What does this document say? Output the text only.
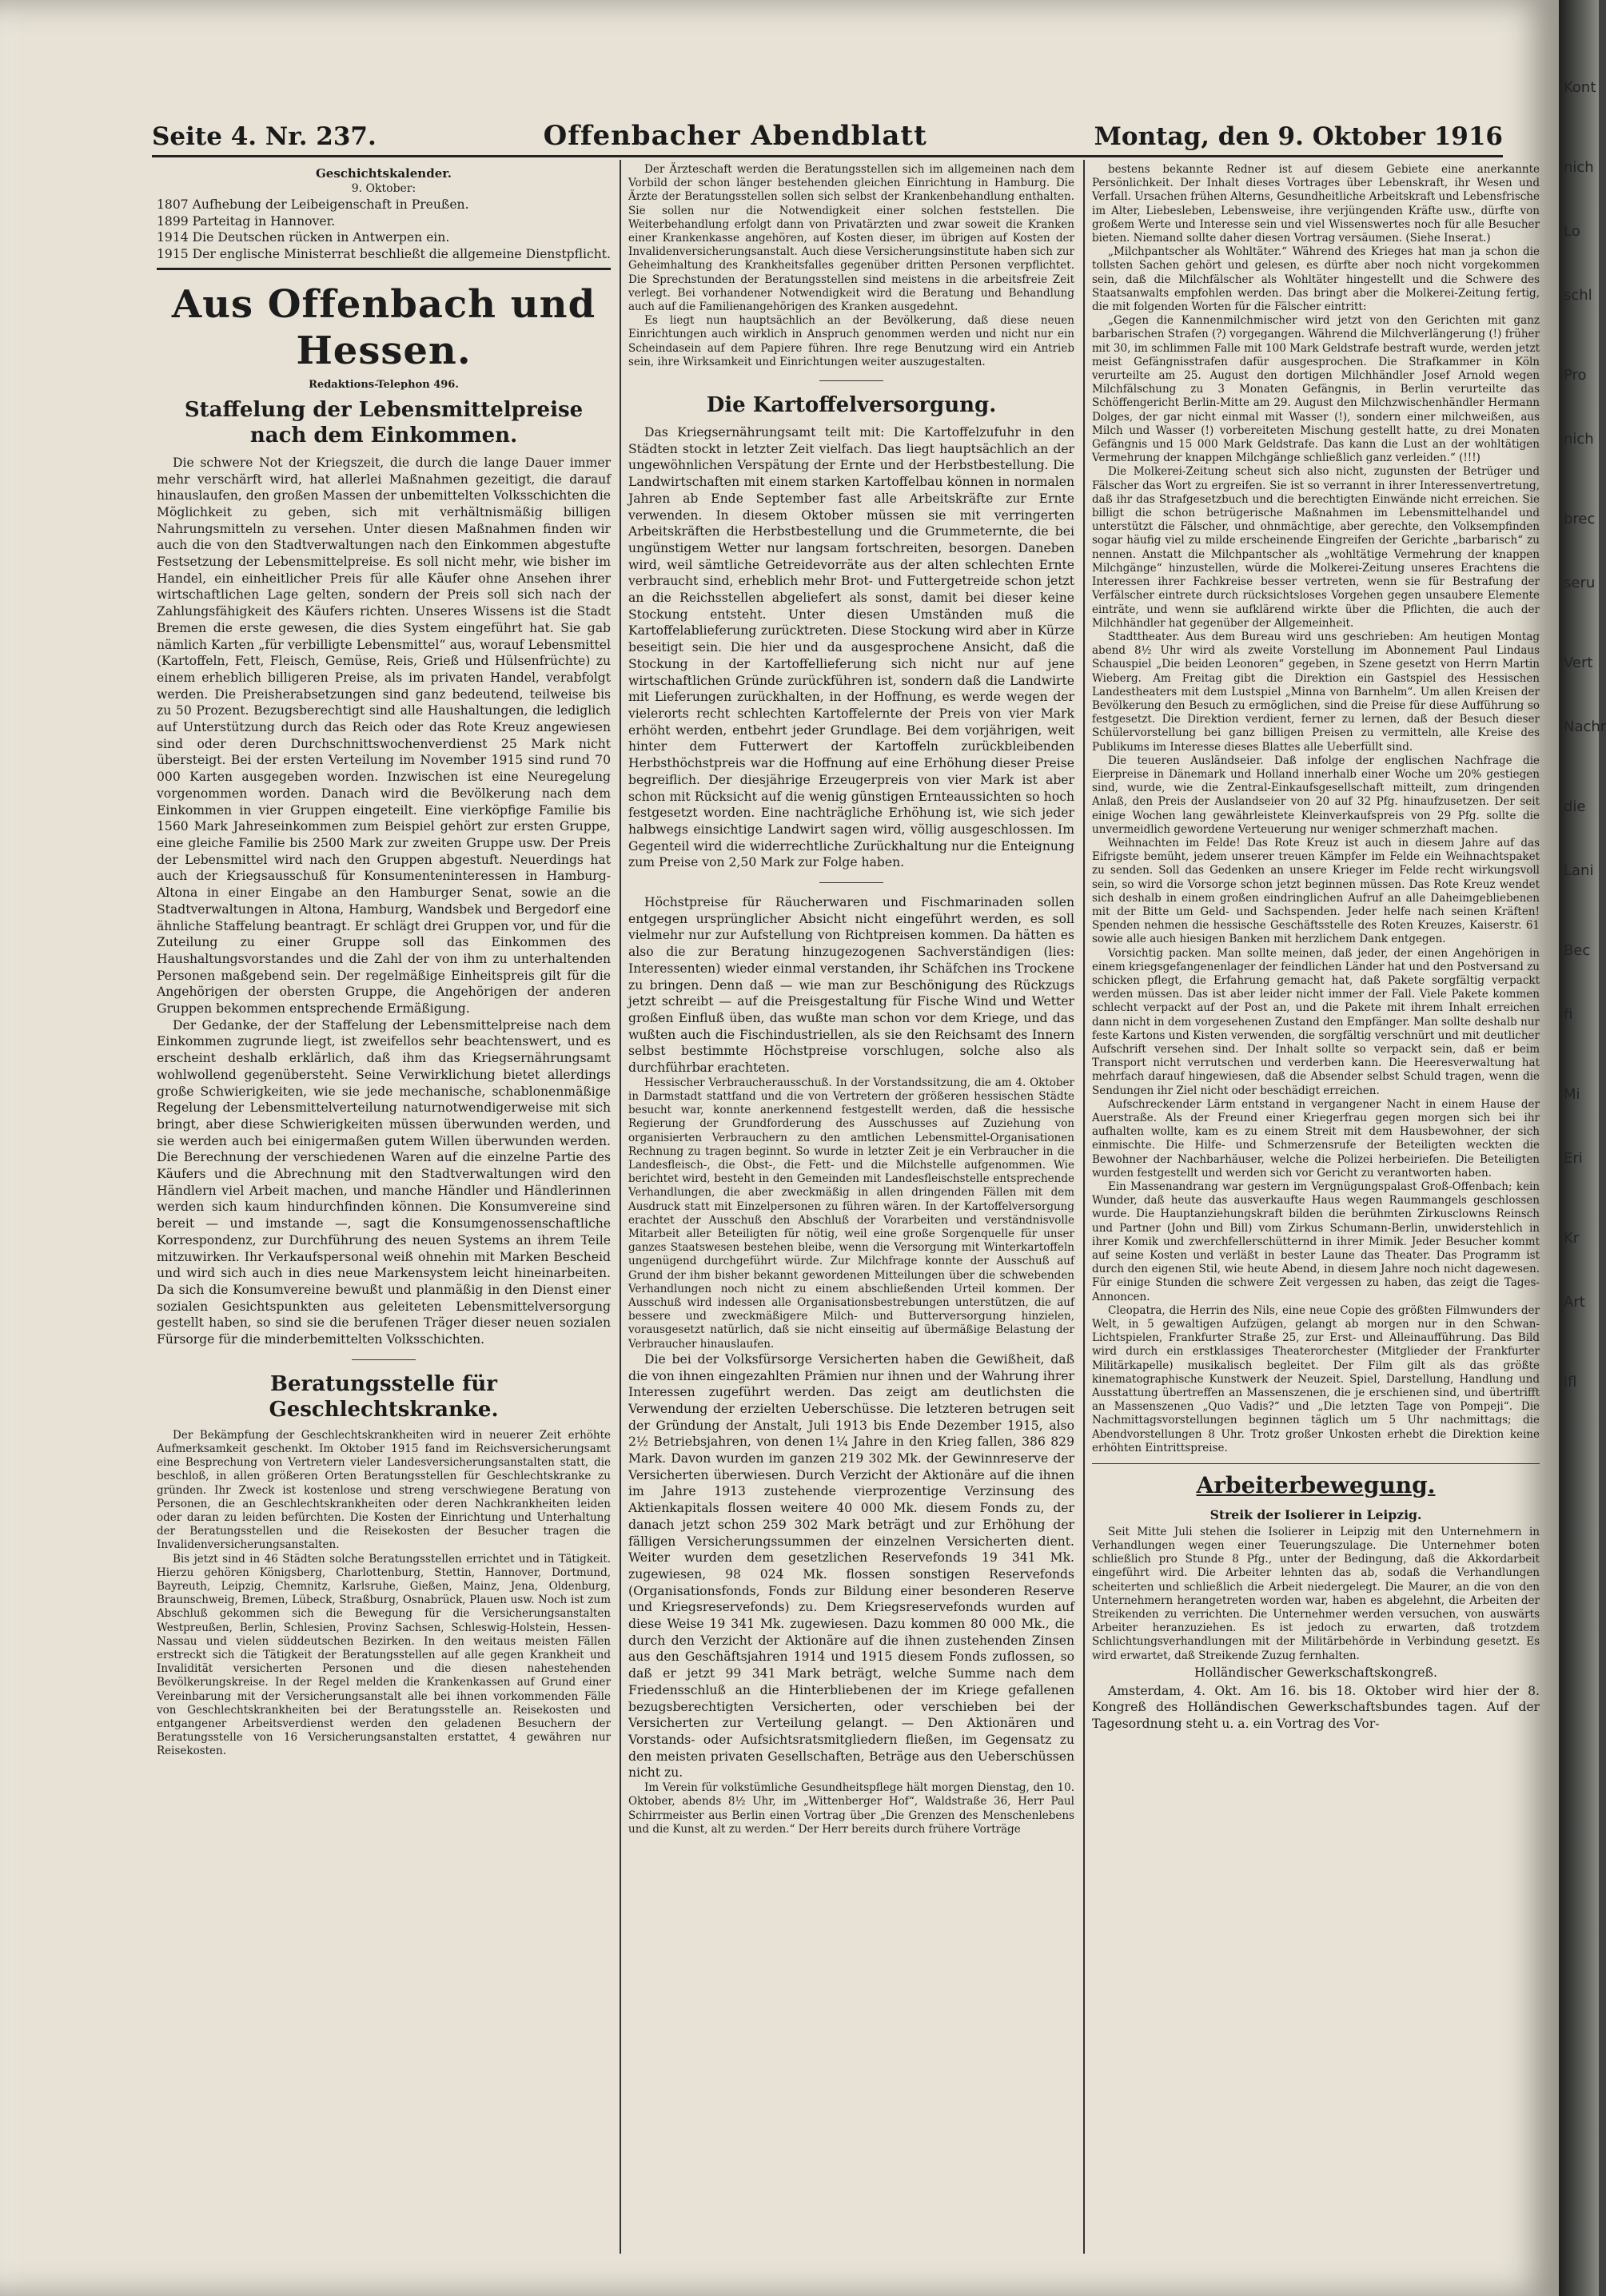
Seite 4. Nr. 237.	Offenbacher Abendblatt	Montag, den 9. Oktober 1916
Geschichtskalender.
9. Oktober:

1807 Aufhebung der Leibeigenschaft in Preußen.

1899 Parteitag in Hannover.

1914 Die Deutschen rücken in Antwerpen ein.

1915 Der englische Ministerrat beschließt die allgemeine Dienstpflicht.

Aus Offenbach und Hessen.
Redaktions-Telephon 496.
Staffelung der Lebensmittelpreise nach dem Einkommen.

Die schwere Not der Kriegszeit, die durch die lange Dauer immer mehr verschärft wird, hat allerlei Maßnahmen gezeitigt, die darauf hinauslaufen, den großen Massen der unbemittelten Volksschichten die Möglichkeit zu geben, sich mit verhältnismäßig billigen Nahrungsmitteln zu versehen. Unter diesen Maßnahmen finden wir auch die von den Stadtverwaltungen nach den Einkommen abgestufte Festsetzung der Lebensmittelpreise. Es soll nicht mehr, wie bisher im Handel, ein einheitlicher Preis für alle Käufer ohne Ansehen ihrer wirtschaftlichen Lage gelten, sondern der Preis soll sich nach der Zahlungsfähigkeit des Käufers richten. Unseres Wissens ist die Stadt Bremen die erste gewesen, die dies System eingeführt hat. Sie gab nämlich Karten „für verbilligte Lebensmittel“ aus, worauf Lebensmittel (Kartoffeln, Fett, Fleisch, Gemüse, Reis, Grieß und Hülsenfrüchte) zu einem erheblich billigeren Preise, als im privaten Handel, verabfolgt werden. Die Preisherabsetzungen sind ganz bedeutend, teilweise bis zu 50 Prozent. Bezugsberechtigt sind alle Haushaltungen, die lediglich auf Unterstützung durch das Reich oder das Rote Kreuz angewiesen sind oder deren Durchschnittswochenverdienst 25 Mark nicht übersteigt. Bei der ersten Verteilung im November 1915 sind rund 70 000 Karten ausgegeben worden. Inzwischen ist eine Neuregelung vorgenommen worden. Danach wird die Bevölkerung nach dem Einkommen in vier Gruppen eingeteilt. Eine vierköpfige Familie bis 1560 Mark Jahreseinkommen zum Beispiel gehört zur ersten Gruppe, eine gleiche Familie bis 2500 Mark zur zweiten Gruppe usw. Der Preis der Lebensmittel wird nach den Gruppen abgestuft. Neuerdings hat auch der Kriegsausschuß für Konsumenteninteressen in Hamburg-Altona in einer Eingabe an den Hamburger Senat, sowie an die Stadtverwaltungen in Altona, Hamburg, Wandsbek und Bergedorf eine ähnliche Staffelung beantragt. Er schlägt drei Gruppen vor, und für die Zuteilung zu einer Gruppe soll das Einkommen des Haushaltungsvorstandes und die Zahl der von ihm zu unterhaltenden Personen maßgebend sein. Der regelmäßige Einheitspreis gilt für die Angehörigen der obersten Gruppe, die Angehörigen der anderen Gruppen bekommen entsprechende Ermäßigung.

Der Gedanke, der der Staffelung der Lebensmittelpreise nach dem Einkommen zugrunde liegt, ist zweifellos sehr beachtenswert, und es erscheint deshalb erklärlich, daß ihm das Kriegsernährungsamt wohlwollend gegenübersteht. Seine Verwirklichung bietet allerdings große Schwierigkeiten, wie sie jede mechanische, schablonenmäßige Regelung der Lebensmittelverteilung naturnotwendigerweise mit sich bringt, aber diese Schwierigkeiten müssen überwunden werden, und sie werden auch bei einigermaßen gutem Willen überwunden werden. Die Berechnung der verschiedenen Waren auf die einzelne Partie des Käufers und die Abrechnung mit den Stadtverwaltungen wird den Händlern viel Arbeit machen, und manche Händler und Händlerinnen werden sich kaum hindurchfinden können. Die Konsumvereine sind bereit — und imstande —, sagt die Konsumgenossenschaftliche Korrespondenz, zur Durchführung des neuen Systems an ihrem Teile mitzuwirken. Ihr Verkaufspersonal weiß ohnehin mit Marken Bescheid und wird sich auch in dies neue Markensystem leicht hineinarbeiten. Da sich die Konsumvereine bewußt und planmäßig in den Dienst einer sozialen Gesichtspunkten aus geleiteten Lebensmittelversorgung gestellt haben, so sind sie die berufenen Träger dieser neuen sozialen Fürsorge für die minderbemittelten Volksschichten.

Beratungsstelle für Geschlechtskranke.

Der Bekämpfung der Geschlechtskrankheiten wird in neuerer Zeit erhöhte Aufmerksamkeit geschenkt. Im Oktober 1915 fand im Reichsversicherungsamt eine Besprechung von Vertretern vieler Landesversicherungsanstalten statt, die beschloß, in allen größeren Orten Beratungsstellen für Geschlechtskranke zu gründen. Ihr Zweck ist kostenlose und streng verschwiegene Beratung von Personen, die an Geschlechtskrankheiten oder deren Nachkrankheiten leiden oder daran zu leiden befürchten. Die Kosten der Einrichtung und Unterhaltung der Beratungsstellen und die Reisekosten der Besucher tragen die Invalidenversicherungsanstalten.

Bis jetzt sind in 46 Städten solche Beratungsstellen errichtet und in Tätigkeit. Hierzu gehören Königsberg, Charlottenburg, Stettin, Hannover, Dortmund, Bayreuth, Leipzig, Chemnitz, Karlsruhe, Gießen, Mainz, Jena, Oldenburg, Braunschweig, Bremen, Lübeck, Straßburg, Osnabrück, Plauen usw. Noch ist zum Abschluß gekommen sich die Bewegung für die Versicherungsanstalten Westpreußen, Berlin, Schlesien, Provinz Sachsen, Schleswig-Holstein, Hessen-Nassau und vielen süddeutschen Bezirken. In den weitaus meisten Fällen erstreckt sich die Tätigkeit der Beratungsstellen auf alle gegen Krankheit und Invalidität versicherten Personen und die diesen nahestehenden Bevölkerungskreise. In der Regel melden die Krankenkassen auf Grund einer Vereinbarung mit der Versicherungsanstalt alle bei ihnen vorkommenden Fälle von Geschlechtskrankheiten bei der Beratungsstelle an. Reisekosten und entgangener Arbeitsverdienst werden den geladenen Besuchern der Beratungsstelle von 16 Versicherungsanstalten erstattet, 4 gewähren nur Reisekosten.

Der Ärzteschaft werden die Beratungsstellen sich im allgemeinen nach dem Vorbild der schon länger bestehenden gleichen Einrichtung in Hamburg. Die Ärzte der Beratungsstellen sollen sich selbst der Krankenbehandlung enthalten. Sie sollen nur die Notwendigkeit einer solchen feststellen. Die Weiterbehandlung erfolgt dann von Privatärzten und zwar soweit die Kranken einer Krankenkasse angehören, auf Kosten dieser, im übrigen auf Kosten der Invalidenversicherungsanstalt. Auch diese Versicherungsinstitute haben sich zur Geheimhaltung des Krankheitsfalles gegenüber dritten Personen verpflichtet. Die Sprechstunden der Beratungsstellen sind meistens in die arbeitsfreie Zeit verlegt. Bei vorhandener Notwendigkeit wird die Beratung und Behandlung auch auf die Familienangehörigen des Kranken ausgedehnt.

Es liegt nun hauptsächlich an der Bevölkerung, daß diese neuen Einrichtungen auch wirklich in Anspruch genommen werden und nicht nur ein Scheindasein auf dem Papiere führen. Ihre rege Benutzung wird ein Antrieb sein, ihre Wirksamkeit und Einrichtungen weiter auszugestalten.

Die Kartoffelversorgung.

Das Kriegsernährungsamt teilt mit: Die Kartoffelzufuhr in den Städten stockt in letzter Zeit vielfach. Das liegt hauptsächlich an der ungewöhnlichen Verspätung der Ernte und der Herbstbestellung. Die Landwirtschaften mit einem starken Kartoffelbau können in normalen Jahren ab Ende September fast alle Arbeitskräfte zur Ernte verwenden. In diesem Oktober müssen sie mit verringerten Arbeitskräften die Herbstbestellung und die Grummeternte, die bei ungünstigem Wetter nur langsam fortschreiten, besorgen. Daneben wird, weil sämtliche Getreidevorräte aus der alten schlechten Ernte verbraucht sind, erheblich mehr Brot- und Futtergetreide schon jetzt an die Reichsstellen abgeliefert als sonst, damit bei dieser keine Stockung entsteht. Unter diesen Umständen muß die Kartoffelablieferung zurücktreten. Diese Stockung wird aber in Kürze beseitigt sein. Die hier und da ausgesprochene Ansicht, daß die Stockung in der Kartoffellieferung sich nicht nur auf jene wirtschaftlichen Gründe zurückführen ist, sondern daß die Landwirte mit Lieferungen zurückhalten, in der Hoffnung, es werde wegen der vielerorts recht schlechten Kartoffelernte der Preis von vier Mark erhöht werden, entbehrt jeder Grundlage. Bei dem vorjährigen, weit hinter dem Futterwert der Kartoffeln zurückbleibenden Herbsthöchstpreis war die Hoffnung auf eine Erhöhung dieser Preise begreiflich. Der diesjährige Erzeugerpreis von vier Mark ist aber schon mit Rücksicht auf die wenig günstigen Ernteaussichten so hoch festgesetzt worden. Eine nachträgliche Erhöhung ist, wie sich jeder halbwegs einsichtige Landwirt sagen wird, völlig ausgeschlossen. Im Gegenteil wird die widerrechtliche Zurückhaltung nur die Enteignung zum Preise von 2,50 Mark zur Folge haben.

Höchstpreise für Räucherwaren und Fischmarinaden sollen entgegen ursprünglicher Absicht nicht eingeführt werden, es soll vielmehr nur zur Aufstellung von Richtpreisen kommen. Da hätten es also die zur Beratung hinzugezogenen Sachverständigen (lies: Interessenten) wieder einmal verstanden, ihr Schäfchen ins Trockene zu bringen. Denn daß — wie man zur Beschönigung des Rückzugs jetzt schreibt — auf die Preisgestaltung für Fische Wind und Wetter großen Einfluß üben, das wußte man schon vor dem Kriege, und das wußten auch die Fischindustriellen, als sie den Reichsamt des Innern selbst bestimmte Höchstpreise vorschlugen, solche also als durchführbar erachteten.

Hessischer Verbraucherausschuß. In der Vorstandssitzung, die am 4. Oktober in Darmstadt stattfand und die von Vertretern der größeren hessischen Städte besucht war, konnte anerkennend festgestellt werden, daß die hessische Regierung der Grundforderung des Ausschusses auf Zuziehung von organisierten Verbrauchern zu den amtlichen Lebensmittel-Organisationen Rechnung zu tragen beginnt. So wurde in letzter Zeit je ein Verbraucher in die Landesfleisch-, die Obst-, die Fett- und die Milchstelle aufgenommen. Wie berichtet wird, besteht in den Gemeinden mit Landesfleischstelle entsprechende Verhandlungen, die aber zweckmäßig in allen dringenden Fällen mit dem Ausdruck statt mit Einzelpersonen zu führen wären. In der Kartoffelversorgung erachtet der Ausschuß den Abschluß der Vorarbeiten und verständnisvolle Mitarbeit aller Beteiligten für nötig, weil eine große Sorgenquelle für unser ganzes Staatswesen bestehen bleibe, wenn die Versorgung mit Winterkartoffeln ungenügend durchgeführt würde. Zur Milchfrage konnte der Ausschuß auf Grund der ihm bisher bekannt gewordenen Mitteilungen über die schwebenden Verhandlungen noch nicht zu einem abschließenden Urteil kommen. Der Ausschuß wird indessen alle Organisationsbestrebungen unterstützen, die auf bessere und zweckmäßigere Milch- und Butterversorgung hinzielen, vorausgesetzt natürlich, daß sie nicht einseitig auf übermäßige Belastung der Verbraucher hinauslaufen.

Die bei der Volksfürsorge Versicherten haben die Gewißheit, daß die von ihnen eingezahlten Prämien nur ihnen und der Wahrung ihrer Interessen zugeführt werden. Das zeigt am deutlichsten die Verwendung der erzielten Ueberschüsse. Die letzteren betrugen seit der Gründung der Anstalt, Juli 1913 bis Ende Dezember 1915, also 2½ Betriebsjahren, von denen 1¼ Jahre in den Krieg fallen, 386 829 Mark. Davon wurden im ganzen 219 302 Mk. der Gewinnreserve der Versicherten überwiesen. Durch Verzicht der Aktionäre auf die ihnen im Jahre 1913 zustehende vierprozentige Verzinsung des Aktienkapitals flossen weitere 40 000 Mk. diesem Fonds zu, der danach jetzt schon 259 302 Mark beträgt und zur Erhöhung der fälligen Versicherungssummen der einzelnen Versicherten dient. Weiter wurden dem gesetzlichen Reservefonds 19 341 Mk. zugewiesen, 98 024 Mk. flossen sonstigen Reservefonds (Organisationsfonds, Fonds zur Bildung einer besonderen Reserve und Kriegsreservefonds) zu. Dem Kriegsreservefonds wurden auf diese Weise 19 341 Mk. zugewiesen. Dazu kommen 80 000 Mk., die durch den Verzicht der Aktionäre auf die ihnen zustehenden Zinsen aus den Geschäftsjahren 1914 und 1915 diesem Fonds zuflossen, so daß er jetzt 99 341 Mark beträgt, welche Summe nach dem Friedensschluß an die Hinterbliebenen der im Kriege gefallenen bezugsberechtigten Versicherten, oder verschieben bei der Versicherten zur Verteilung gelangt. — Den Aktionären und Vorstands- oder Aufsichtsratsmitgliedern fließen, im Gegensatz zu den meisten privaten Gesellschaften, Beträge aus den Ueberschüssen nicht zu.

Im Verein für volkstümliche Gesundheitspflege hält morgen Dienstag, den 10. Oktober, abends 8½ Uhr, im „Wittenberger Hof“, Waldstraße 36, Herr Paul Schirrmeister aus Berlin einen Vortrag über „Die Grenzen des Menschenlebens und die Kunst, alt zu werden.“ Der Herr bereits durch frühere Vorträge

bestens bekannte Redner ist auf diesem Gebiete eine anerkannte Persönlichkeit. Der Inhalt dieses Vortrages über Lebenskraft, ihr Wesen und Verfall. Ursachen frühen Alterns, Gesundheitliche Arbeitskraft und Lebensfrische im Alter, Liebesleben, Lebensweise, ihre verjüngenden Kräfte usw., dürfte von großem Werte und Interesse sein und viel Wissenswertes noch für alle Besucher bieten. Niemand sollte daher diesen Vortrag versäumen. (Siehe Inserat.)

„Milchpantscher als Wohltäter.“ Während des Krieges hat man ja schon die tollsten Sachen gehört und gelesen, es dürfte aber noch nicht vorgekommen sein, daß die Milchfälscher als Wohltäter hingestellt und die Schwere des Staatsanwalts empfohlen werden. Das bringt aber die Molkerei-Zeitung fertig, die mit folgenden Worten für die Fälscher eintritt:

„Gegen die Kannenmilchmischer wird jetzt von den Gerichten mit ganz barbarischen Strafen (?) vorgegangen. Während die Milchverlängerung (!) früher mit 30, im schlimmen Falle mit 100 Mark Geldstrafe bestraft wurde, werden jetzt meist Gefängnisstrafen dafür ausgesprochen. Die Strafkammer in Köln verurteilte am 25. August den dortigen Milchhändler Josef Arnold wegen Milchfälschung zu 3 Monaten Gefängnis, in Berlin verurteilte das Schöffengericht Berlin-Mitte am 29. August den Milchzwischenhändler Hermann Dolges, der gar nicht einmal mit Wasser (!), sondern einer milchweißen, aus Milch und Wasser (!) vorbereiteten Mischung gestellt hatte, zu drei Monaten Gefängnis und 15 000 Mark Geldstrafe. Das kann die Lust an der wohltätigen Vermehrung der knappen Milchgänge schließlich ganz verleiden.“ (!!!)

Die Molkerei-Zeitung scheut sich also nicht, zugunsten der Betrüger und Fälscher das Wort zu ergreifen. Sie ist so verrannt in ihrer Interessenvertretung, daß ihr das Strafgesetzbuch und die berechtigten Einwände nicht erreichen. Sie billigt die schon betrügerische Maßnahmen im Lebensmittelhandel und unterstützt die Fälscher, und ohnmächtige, aber gerechte, den Volksempfinden sogar häufig viel zu milde erscheinende Eingreifen der Gerichte „barbarisch“ zu nennen. Anstatt die Milchpantscher als „wohltätige Vermehrung der knappen Milchgänge“ hinzustellen, würde die Molkerei-Zeitung unseres Erachtens die Interessen ihrer Fachkreise besser vertreten, wenn sie für Bestrafung der Verfälscher eintrete durch rücksichtsloses Vorgehen gegen unsaubere Elemente einträte, und wenn sie aufklärend wirkte über die Pflichten, die auch der Milchhändler hat gegenüber der Allgemeinheit.

Stadttheater. Aus dem Bureau wird uns geschrieben: Am heutigen Montag abend 8½ Uhr wird als zweite Vorstellung im Abonnement Paul Lindaus Schauspiel „Die beiden Leonoren“ gegeben, in Szene gesetzt von Herrn Martin Wieberg. Am Freitag gibt die Direktion ein Gastspiel des Hessischen Landestheaters mit dem Lustspiel „Minna von Barnhelm“. Um allen Kreisen der Bevölkerung den Besuch zu ermöglichen, sind die Preise für diese Aufführung so festgesetzt. Die Direktion verdient, ferner zu lernen, daß der Besuch dieser Schülervorstellung bei ganz billigen Preisen zu vermitteln, alle Kreise des Publikums im Interesse dieses Blattes alle Ueberfüllt sind.

Die teueren Ausländseier. Daß infolge der englischen Nachfrage die Eierpreise in Dänemark und Holland innerhalb einer Woche um 20% gestiegen sind, wurde, wie die Zentral-Einkaufsgesellschaft mitteilt, zum dringenden Anlaß, den Preis der Auslandseier von 20 auf 32 Pfg. hinaufzusetzen. Der seit einige Wochen lang gewährleistete Kleinverkaufspreis von 29 Pfg. sollte die unvermeidlich gewordene Verteuerung nur weniger schmerzhaft machen.

Weihnachten im Felde! Das Rote Kreuz ist auch in diesem Jahre auf das Eifrigste bemüht, jedem unserer treuen Kämpfer im Felde ein Weihnachtspaket zu senden. Soll das Gedenken an unsere Krieger im Felde recht wirkungsvoll sein, so wird die Vorsorge schon jetzt beginnen müssen. Das Rote Kreuz wendet sich deshalb in einem großen eindringlichen Aufruf an alle Daheimgebliebenen mit der Bitte um Geld- und Sachspenden. Jeder helfe nach seinen Kräften! Spenden nehmen die hessische Geschäftsstelle des Roten Kreuzes, Kaiserstr. 61 sowie alle auch hiesigen Banken mit herzlichem Dank entgegen.

Vorsichtig packen. Man sollte meinen, daß jeder, der einen Angehörigen in einem kriegsgefangenenlager der feindlichen Länder hat und den Postversand zu schicken pflegt, die Erfahrung gemacht hat, daß Pakete sorgfältig verpackt werden müssen. Das ist aber leider nicht immer der Fall. Viele Pakete kommen schlecht verpackt auf der Post an, und die Pakete mit ihrem Inhalt erreichen dann nicht in dem vorgesehenen Zustand den Empfänger. Man sollte deshalb nur feste Kartons und Kisten verwenden, die sorgfältig verschnürt und mit deutlicher Aufschrift versehen sind. Der Inhalt sollte so verpackt sein, daß er beim Transport nicht verrutschen und verderben kann. Die Heeresverwaltung hat mehrfach darauf hingewiesen, daß die Absender selbst Schuld tragen, wenn die Sendungen ihr Ziel nicht oder beschädigt erreichen.

Aufschreckender Lärm entstand in vergangener Nacht in einem Hause der Auerstraße. Als der Freund einer Kriegerfrau gegen morgen sich bei ihr aufhalten wollte, kam es zu einem Streit mit dem Hausbewohner, der sich einmischte. Die Hilfe- und Schmerzensrufe der Beteiligten weckten die Bewohner der Nachbarhäuser, welche die Polizei herbeiriefen. Die Beteiligten wurden festgestellt und werden sich vor Gericht zu verantworten haben.

Ein Massenandrang war gestern im Vergnügungspalast Groß-Offenbach; kein Wunder, daß heute das ausverkaufte Haus wegen Raummangels geschlossen wurde. Die Hauptanziehungskraft bilden die berühmten Zirkusclowns Reinsch und Partner (John und Bill) vom Zirkus Schumann-Berlin, unwiderstehlich in ihrer Komik und zwerchfellerschütternd in ihrer Mimik. Jeder Besucher kommt auf seine Kosten und verläßt in bester Laune das Theater. Das Programm ist durch den eigenen Stil, wie heute Abend, in diesem Jahre noch nicht dagewesen. Für einige Stunden die schwere Zeit vergessen zu haben, das zeigt die Tages-Annoncen.

Cleopatra, die Herrin des Nils, eine neue Copie des größten Filmwunders der Welt, in 5 gewaltigen Aufzügen, gelangt ab morgen nur in den Schwan-Lichtspielen, Frankfurter Straße 25, zur Erst- und Alleinaufführung. Das Bild wird durch ein erstklassiges Theaterorchester (Mitglieder der Frankfurter Militärkapelle) musikalisch begleitet. Der Film gilt als das größte kinematographische Kunstwerk der Neuzeit. Spiel, Darstellung, Handlung und Ausstattung übertreffen an Massenszenen, die je erschienen sind, und übertrifft an Massenszenen „Quo Vadis?“ und „Die letzten Tage von Pompeji“. Die Nachmittagsvorstellungen beginnen täglich um 5 Uhr nachmittags; die Abendvorstellungen 8 Uhr. Trotz großer Unkosten erhebt die Direktion keine erhöhten Eintrittspreise.

Arbeiterbewegung.
Streik der Isolierer in Leipzig.

Seit Mitte Juli stehen die Isolierer in Leipzig mit den Unternehmern in Verhandlungen wegen einer Teuerungszulage. Die Unternehmer boten schließlich pro Stunde 8 Pfg., unter der Bedingung, daß die Akkordarbeit eingeführt wird. Die Arbeiter lehnten das ab, sodaß die Verhandlungen scheiterten und schließlich die Arbeit niedergelegt. Die Maurer, an die von den Unternehmern herangetreten worden war, haben es abgelehnt, die Arbeiten der Streikenden zu verrichten. Die Unternehmer werden versuchen, von auswärts Arbeiter heranzuziehen. Es ist jedoch zu erwarten, daß trotzdem Schlichtungsverhandlungen mit der Militärbehörde in Verbindung gesetzt. Es wird erwartet, daß Streikende Zuzug fernhalten.

Holländischer Gewerkschaftskongreß.

Amsterdam, 4. Okt. Am 16. bis 18. Oktober wird hier der 8. Kongreß des Holländischen Gewerkschaftsbundes tagen. Auf der Tagesordnung steht u. a. ein Vortrag des Vor-

Kont
nich
Lo
schl
Pro
nich
brec
seru
Vert
Nachr
die
Lani
Bec
fi
Mi
Eri
Kr
Art
ifl
